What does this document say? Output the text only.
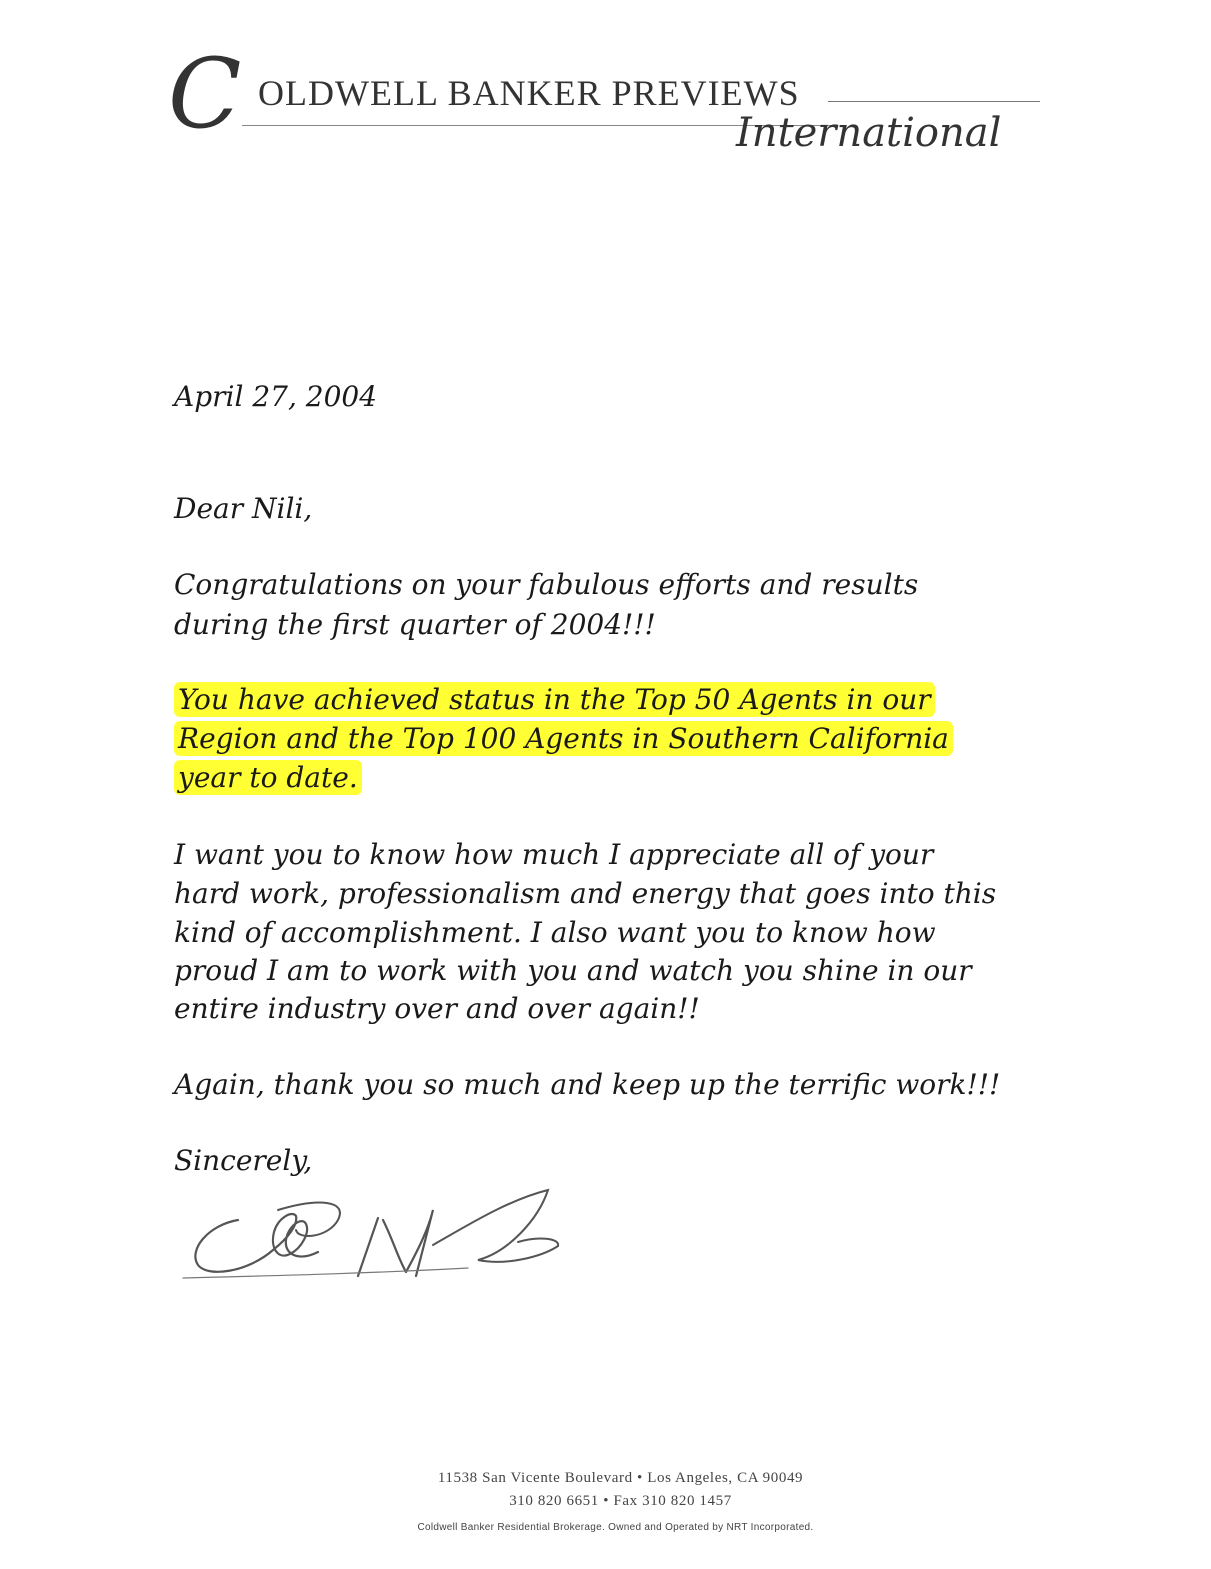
C OLDWELL BANKER PREVIEWS
International
April 27, 2004
Dear Nili,
Congratulations on your fabulous efforts and results
during the first quarter of 2004!!!
You have achieved status in the Top 50 Agents in our
Region and the Top 100 Agents in Southern California
year to date.
I want you to know how much I appreciate all of your
hard work, professionalism and energy that goes into this
kind of accomplishment. I also want you to know how
proud I am to work with you and watch you shine in our
entire industry over and over again!!
Again, thank you so much and keep up the terrific work!!!
Sincerely,
11538 San Vicente Boulevard • Los Angeles, CA 90049
310 820 6651 • Fax 310 820 1457
Coldwell Banker Residential Brokerage. Owned and Operated by NRT Incorporated.
